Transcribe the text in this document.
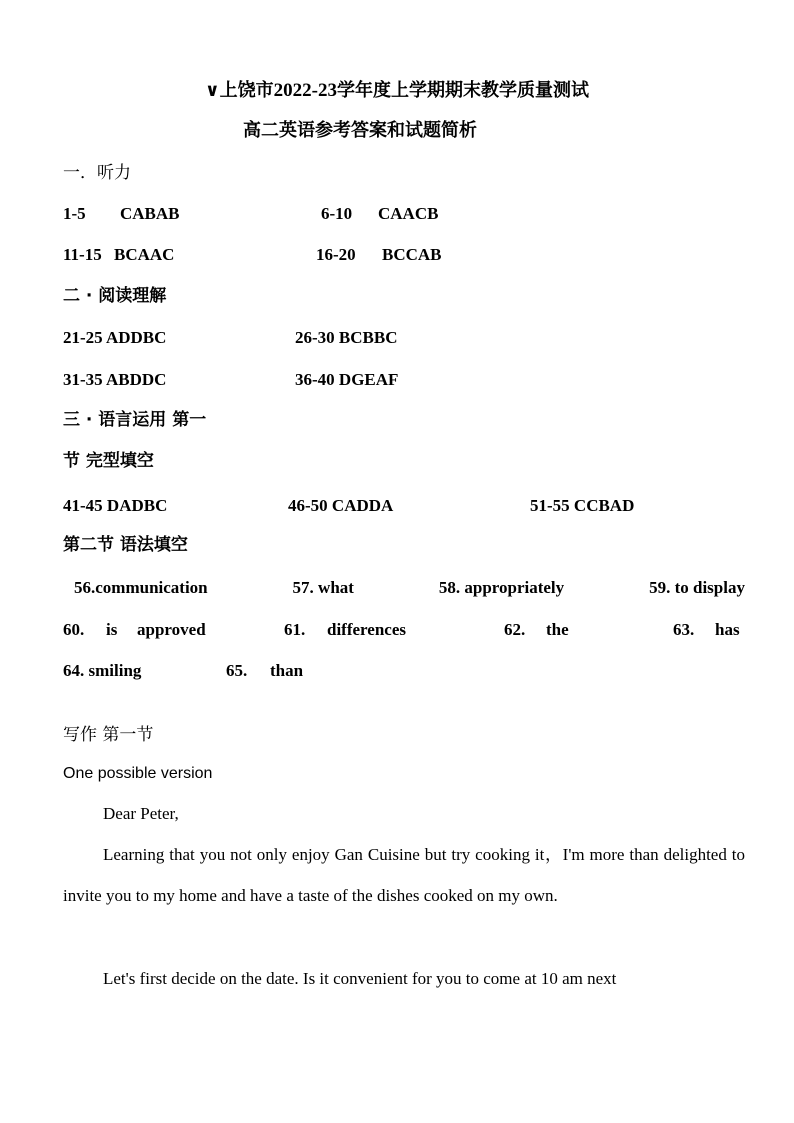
∨上饶市2022-23学年度上学期期末教学质量测试
高二英语参考答案和试题简析
一．听力
1-5 CABAB	6-10 CAACB
11-15 BCAAC	16-20 BCCAB
二 · 阅读理解
21-25 ADDBC	26-30 BCBBC
31-35 ABDDC	36-40 DGEAF
三 · 语言运用 第一
节 完型填空
41-45 DADBC	46-50 CADDA	51-55 CCBAD
第二节 语法填空
56.communication	57. what	58. appropriately	59. to display
60. is approved	61. differences	62. the	63. has
64. smiling	65. than
写作 第一节
One possible version
Dear Peter,
Learning that you not only enjoy Gan Cuisine but try cooking it，I'm more than delighted to invite you to my home and have a taste of the dishes cooked on my own.
Let's first decide on the date. Is it convenient for you to come at 10 am next
